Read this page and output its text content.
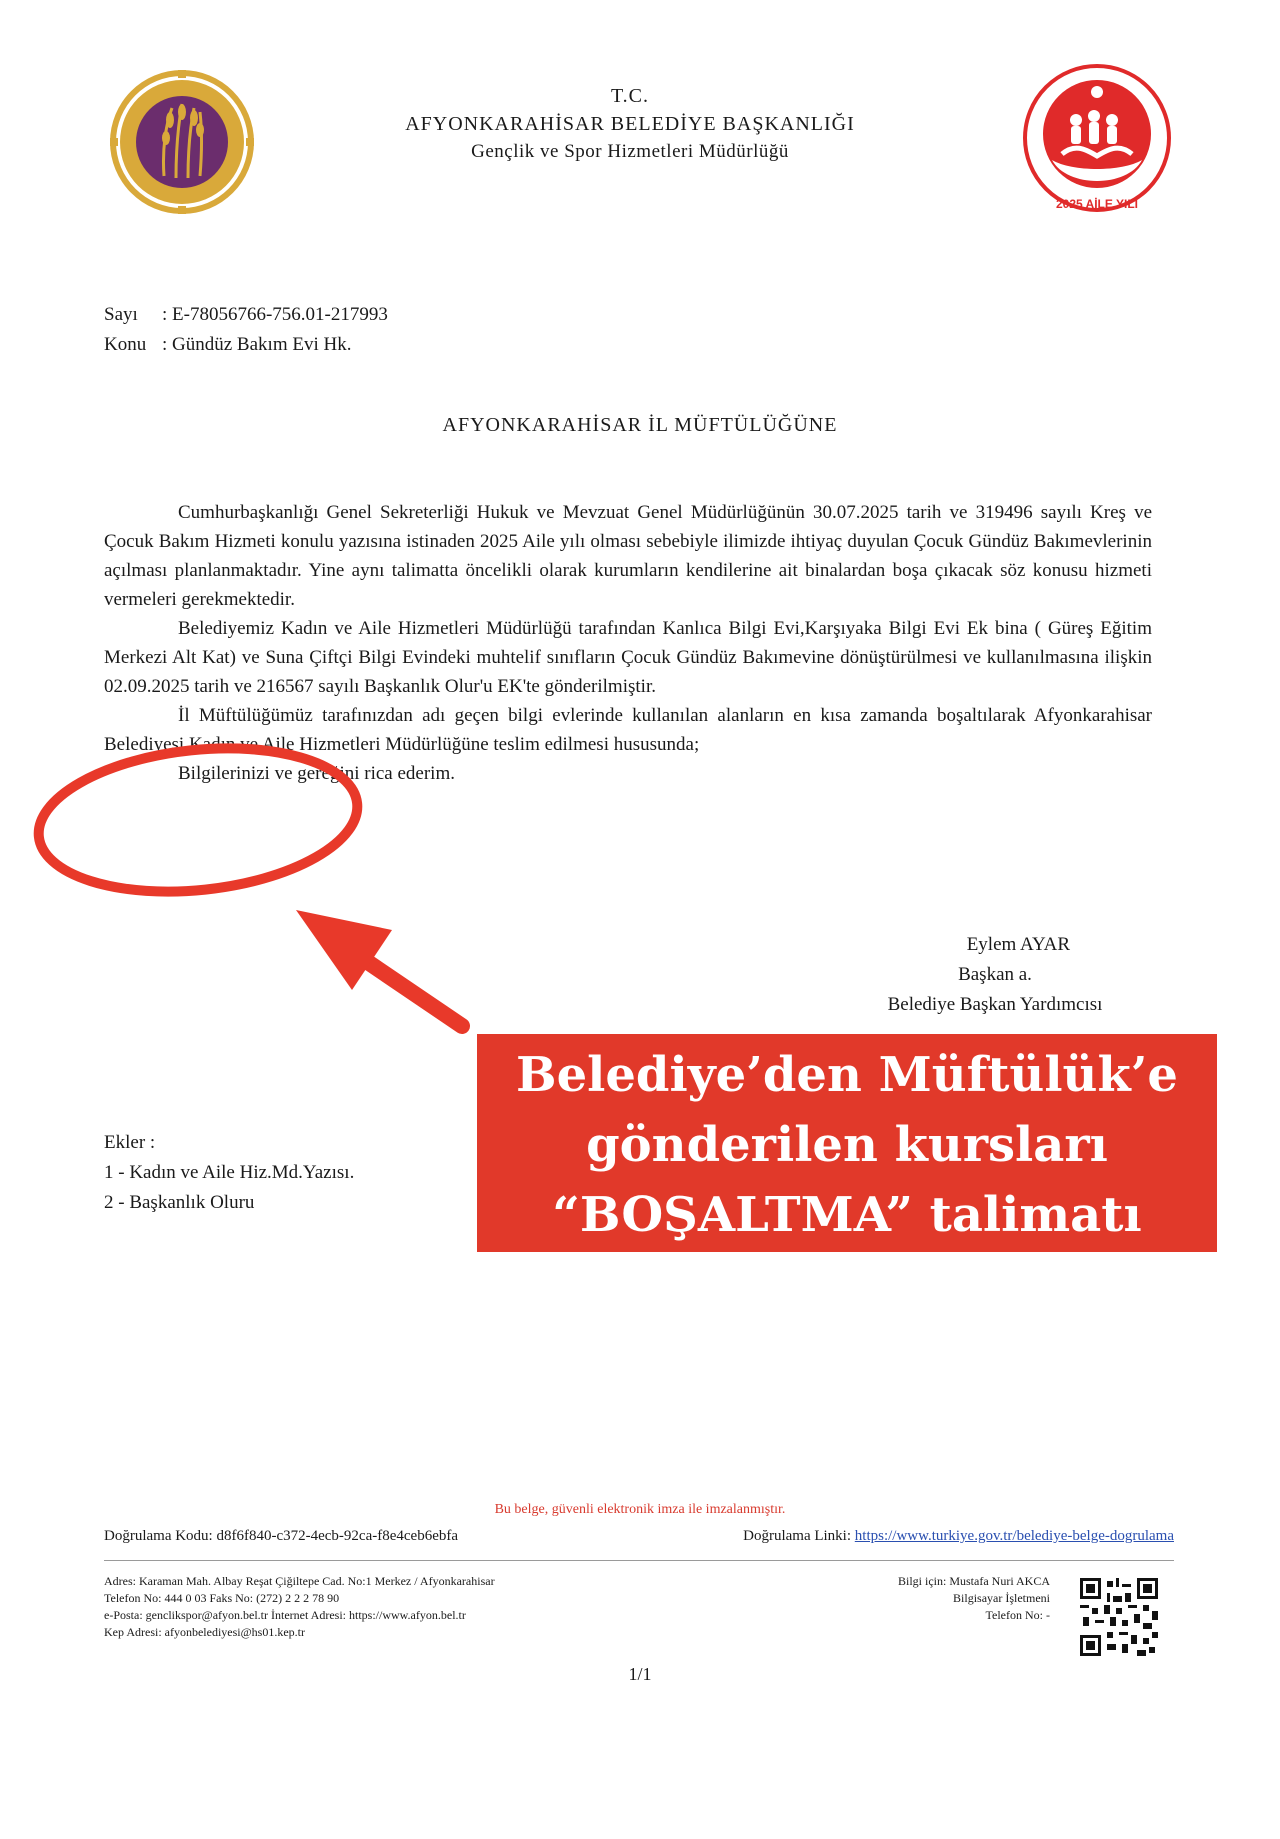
T.C.
AFYONKARAHİSAR BELEDİYE BAŞKANLIĞI
Gençlik ve Spor Hizmetleri Müdürlüğü
2025 AİLE YILI
Sayı : E-78056766-756.01-217993
Konu : Gündüz Bakım Evi Hk.
AFYONKARAHİSAR İL MÜFTÜLÜĞÜNE

Cumhurbaşkanlığı Genel Sekreterliği Hukuk ve Mevzuat Genel Müdürlüğünün 30.07.2025 tarih ve 319496 sayılı Kreş ve Çocuk Bakım Hizmeti konulu yazısına istinaden 2025 Aile yılı olması sebebiyle ilimizde ihtiyaç duyulan Çocuk Gündüz Bakımevlerinin açılması planlanmaktadır. Yine aynı talimatta öncelikli olarak kurumların kendilerine ait binalardan boşa çıkacak söz konusu hizmeti vermeleri gerekmektedir.

Belediyemiz Kadın ve Aile Hizmetleri Müdürlüğü tarafından Kanlıca Bilgi Evi,Karşıyaka Bilgi Evi Ek bina ( Güreş Eğitim Merkezi Alt Kat) ve Suna Çiftçi Bilgi Evindeki muhtelif sınıfların Çocuk Gündüz Bakımevine dönüştürülmesi ve kullanılmasına ilişkin 02.09.2025 tarih ve 216567 sayılı Başkanlık Olur'u EK'te gönderilmiştir.

İl Müftülüğümüz tarafınızdan adı geçen bilgi evlerinde kullanılan alanların en kısa zamanda boşaltılarak Afyonkarahisar Belediyesi Kadın ve Aile Hizmetleri Müdürlüğüne teslim edilmesi hususunda;

Bilgilerinizi ve gereğini rica ederim.

Eylem AYAR
Başkan a.
Belediye Başkan Yardımcısı
Ekler :
1 - Kadın ve Aile Hiz.Md.Yazısı.
2 - Başkanlık Oluru
Belediye’den Müftülük’e
gönderilen kursları
“BOŞALTMA” talimatı
Bu belge, güvenli elektronik imza ile imzalanmıştır.
Doğrulama Kodu: d8f6f840-c372-4ecb-92ca-f8e4ceb6ebfa	Doğrulama Linki: https://www.turkiye.gov.tr/belediye-belge-dogrulama
Adres: Karaman Mah. Albay Reşat Çiğiltepe Cad. No:1 Merkez / Afyonkarahisar
Telefon No: 444 0 03 Faks No: (272) 2 2 2 78 90
e-Posta: genclikspor@afyon.bel.tr İnternet Adresi: https://www.afyon.bel.tr
Kep Adresi: afyonbelediyesi@hs01.kep.tr
Bilgi için: Mustafa Nuri AKCA
Bilgisayar İşletmeni
Telefon No: -
1/1
